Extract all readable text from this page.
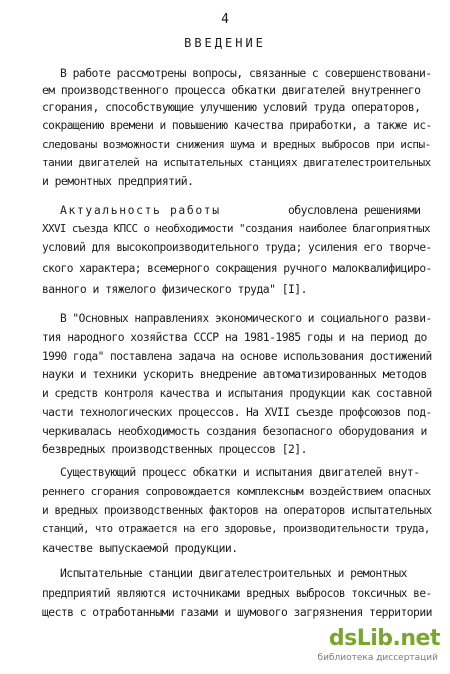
4
ВВЕДЕНИЕ
В работе рассмотрены вопросы, связанные с совершенствовани-
ем производственного процесса обкатки двигателей внутреннего
сгорания, способствующие улучшению условий труда операторов,
сокращению времени и повышению качества приработки, а также ис-
следованы возможности снижения шума и вредных выбросов при испы-
тании двигателей на испытательных станциях двигателестроительных
и ремонтных предприятий.
Актуальность работы	обусловлена решениями
XXVI съезда КПСС о необходимости "создания наиболее благоприятных
условий для высокопроизводительного труда; усиления его творче-
ского характера; всемерного сокращения ручного малоквалифициро-
ванного и тяжелого физического труда" [I].
В "Основных направлениях экономического и социального разви-
тия народного хозяйства СССР на 1981-1985 годы и на период до
1990 года" поставлена задача на основе использования достижений
науки и техники ускорить внедрение автоматизированных методов
и средств контроля качества и испытания продукции как составной
части технологических процессов. На XVII съезде профсоюзов под-
черкивалась необходимость создания безопасного оборудования и
безвредных производственных процессов [2].
Существующий процесс обкатки и испытания двигателей внут-
реннего сгорания сопровождается комплексным воздействием опасных
и вредных производственных факторов на операторов испытательных
станций, что отражается на его здоровье, производительности труда,
качестве выпускаемой продукции.
Испытательные станции двигателестроительных и ремонтных
предприятий являются источниками вредных выбросов токсичных ве-
ществ с отработанными газами и шумового загрязнения территории
dsLib.net
библиотека диссертаций
